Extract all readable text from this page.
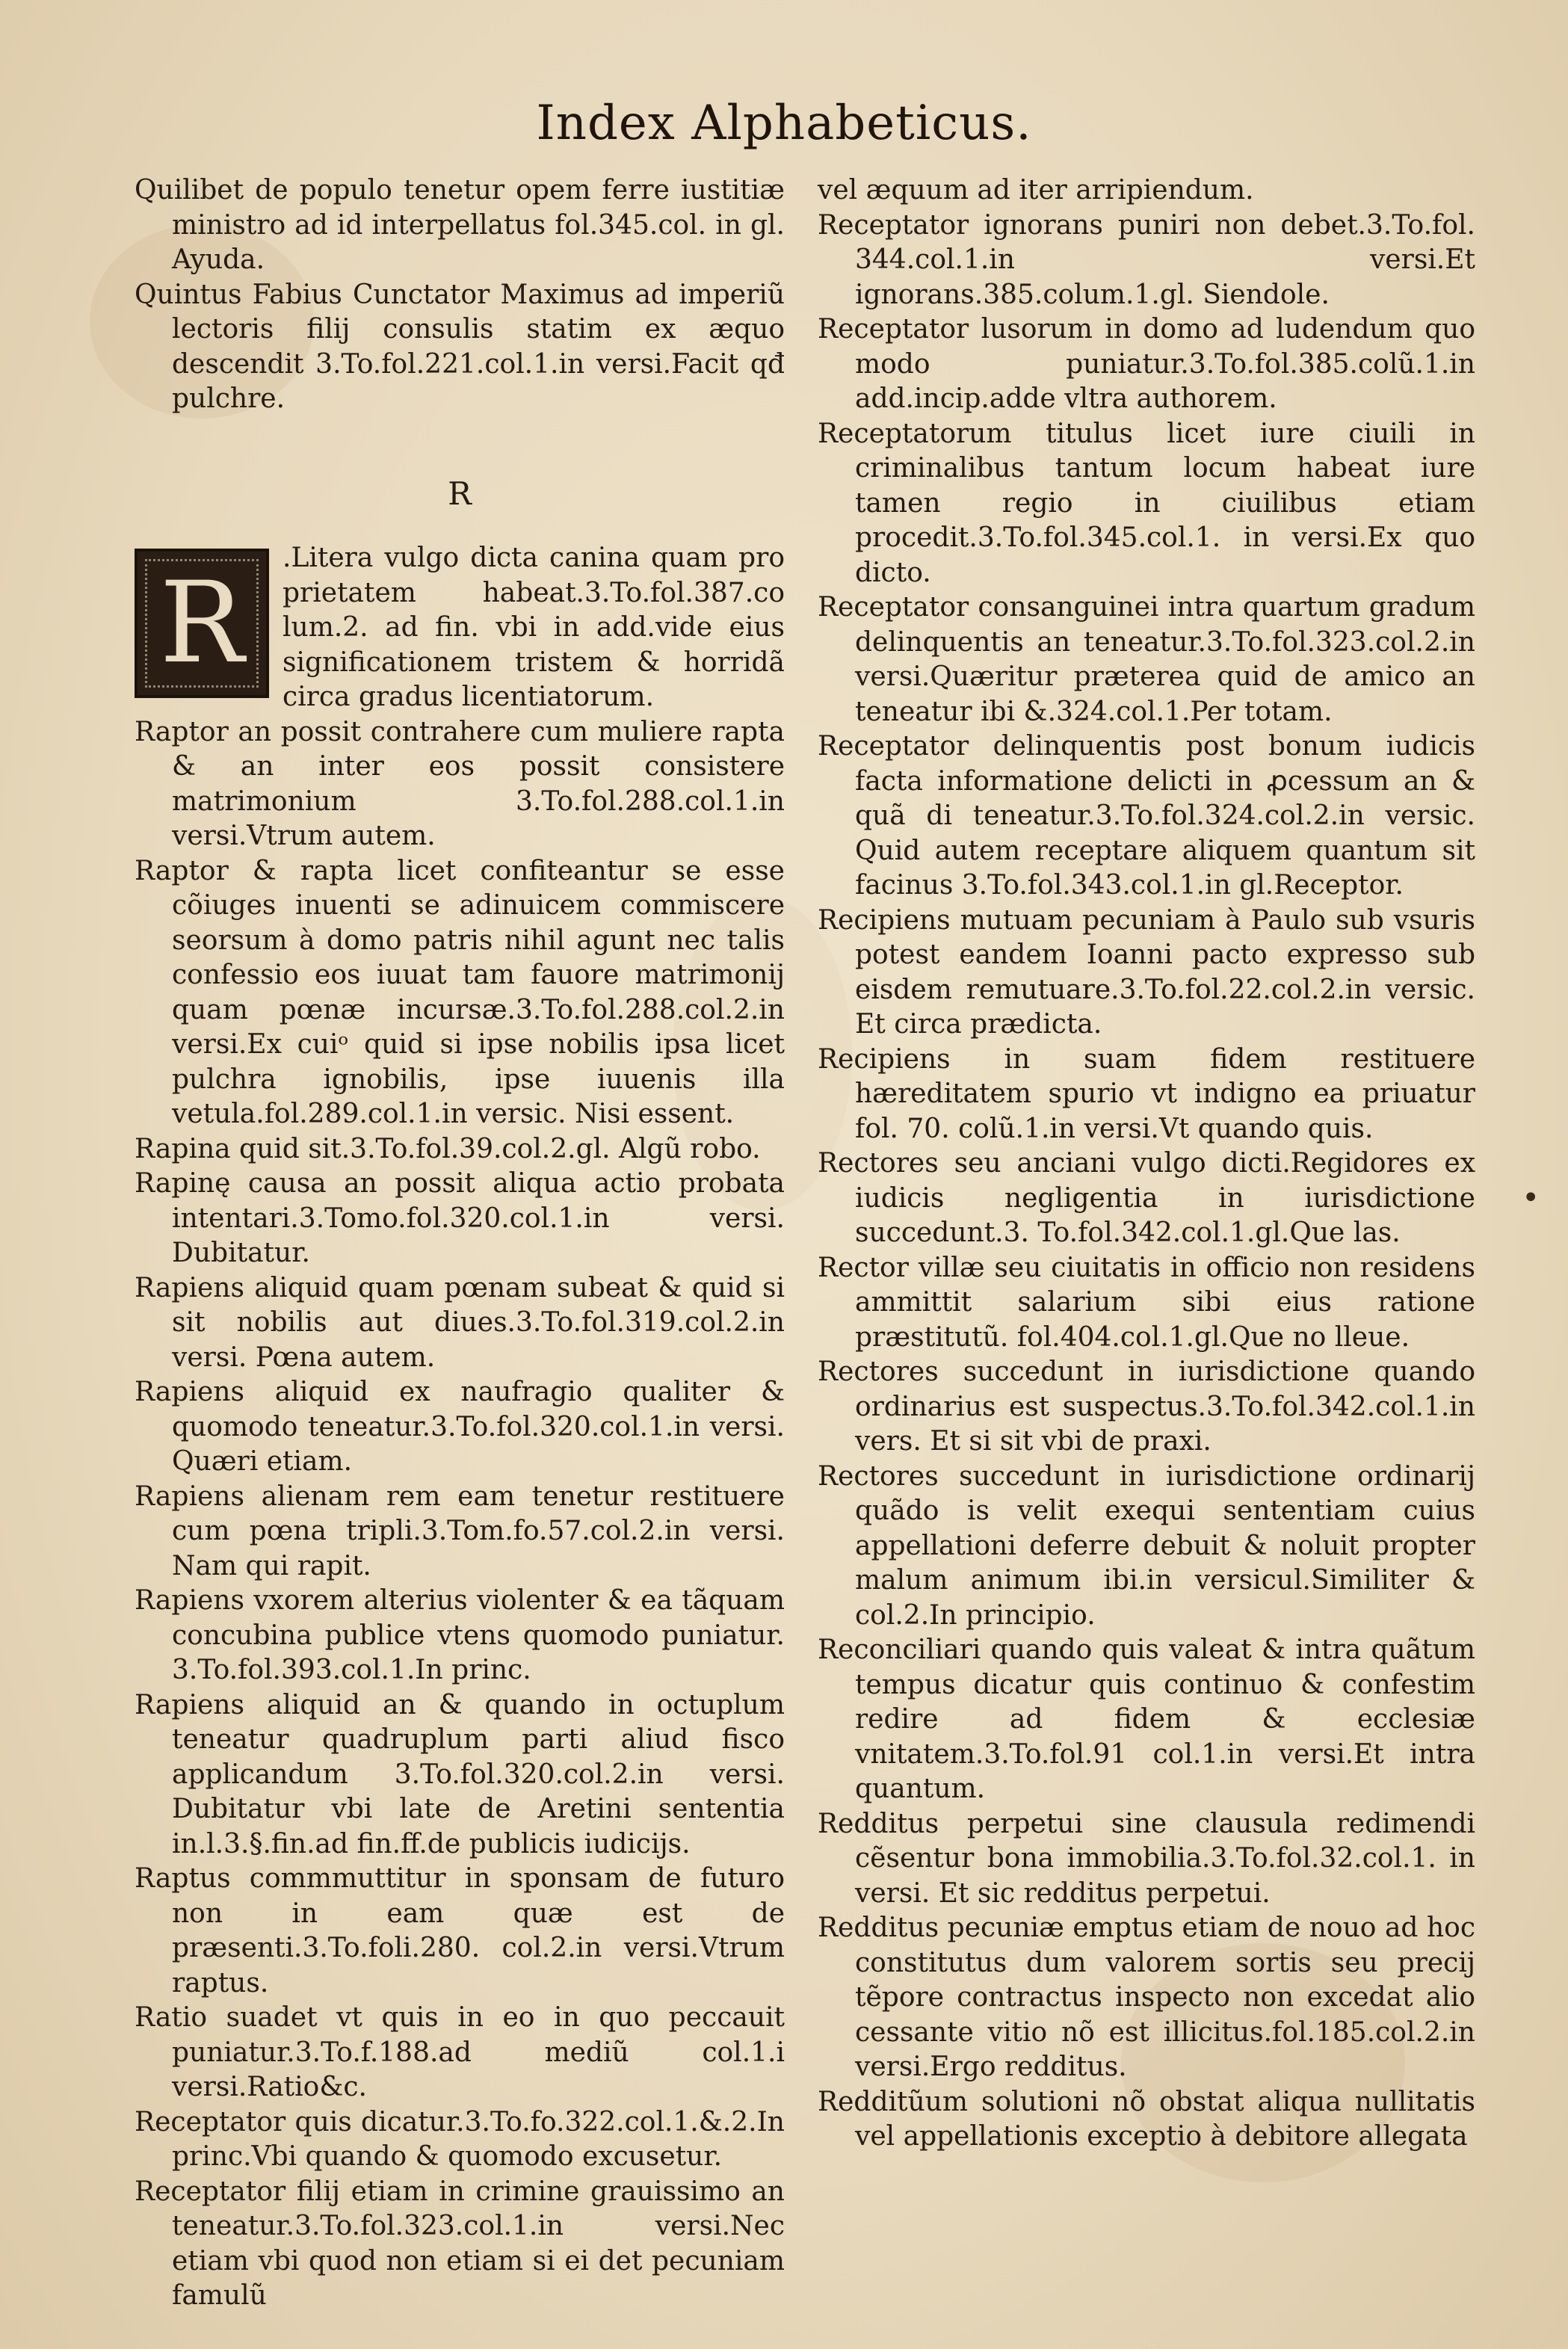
Index Alphabeticus.

Quilibet de populo tenetur opem ferre iustitiæ ministro ad id interpellatus fol.345.col. in gl. Ayuda.

Quintus Fabius Cunctator Maximus ad imperiũ lectoris filij consulis statim ex æquo descendit 3.To.fol.221.col.1.in versi.Facit qđ pulchre.

R

R

.Litera vulgo dicta canina quam pro prietatem habeat.3.To.fol.387.co lum.2. ad fin. vbi in add.vide eius significationem tristem & horridã circa gradus licentiatorum.

Raptor an possit contrahere cum muliere rapta & an inter eos possit consistere matrimonium 3.To.fol.288.col.1.in versi.Vtrum autem.

Raptor & rapta licet confiteantur se esse cõiuges inuenti se adinuicem commiscere seorsum à domo patris nihil agunt nec talis confessio eos iuuat tam fauore matrimonij quam pœnæ incursæ.3.To.fol.288.col.2.in versi.Ex cuiᵒ quid si ipse nobilis ipsa licet pulchra ignobilis, ipse iuuenis illa vetula.fol.289.col.1.in versic. Nisi essent.

Rapina quid sit.3.To.fol.39.col.2.gl. Algũ robo.

Rapinę causa an possit aliqua actio probata intentari.3.Tomo.fol.320.col.1.in versi. Dubitatur.

Rapiens aliquid quam pœnam subeat & quid si sit nobilis aut diues.3.To.fol.319.col.2.in versi. Pœna autem.

Rapiens aliquid ex naufragio qualiter & quomodo teneatur.3.To.fol.320.col.1.in versi. Quæri etiam.

Rapiens alienam rem eam tenetur restituere cum pœna tripli.3.Tom.fo.57.col.2.in versi. Nam qui rapit.

Rapiens vxorem alterius violenter & ea tãquam concubina publice vtens quomodo puniatur. 3.To.fol.393.col.1.In princ.

Rapiens aliquid an & quando in octuplum teneatur quadruplum parti aliud fisco applicandum 3.To.fol.320.col.2.in versi. Dubitatur vbi late de Aretini sententia in.l.3.§.fin.ad fin.ff.de publicis iudicijs.

Raptus commmuttitur in sponsam de futuro non in eam quæ est de præsenti.3.To.foli.280. col.2.in versi.Vtrum raptus.

Ratio suadet vt quis in eo in quo peccauit puniatur.3.To.f.188.ad mediũ col.1.i versi.Ratio&c.

Receptator quis dicatur.3.To.fo.322.col.1.&.2.In princ.Vbi quando & quomodo excusetur.

Receptator filij etiam in crimine grauissimo an teneatur.3.To.fol.323.col.1.in versi.Nec etiam vbi quod non etiam si ei det pecuniam famulũ

vel æquum ad iter arripiendum.

Receptator ignorans puniri non debet.3.To.fol. 344.col.1.in versi.Et ignorans.385.colum.1.gl. Siendole.

Receptator lusorum in domo ad ludendum quo modo puniatur.3.To.fol.385.colũ.1.in add.incip.adde vltra authorem.

Receptatorum titulus licet iure ciuili in criminalibus tantum locum habeat iure tamen regio in ciuilibus etiam procedit.3.To.fol.345.col.1. in versi.Ex quo dicto.

Receptator consanguinei intra quartum gradum delinquentis an teneatur.3.To.fol.323.col.2.in versi.Quæritur præterea quid de amico an teneatur ibi &.324.col.1.Per totam.

Receptator delinquentis post bonum iudicis facta informatione delicti in ꝓcessum an & quã di teneatur.3.To.fol.324.col.2.in versic. Quid autem receptare aliquem quantum sit facinus 3.To.fol.343.col.1.in gl.Receptor.

Recipiens mutuam pecuniam à Paulo sub vsuris potest eandem Ioanni pacto expresso sub eisdem remutuare.3.To.fol.22.col.2.in versic. Et circa prædicta.

Recipiens in suam fidem restituere hæreditatem spurio vt indigno ea priuatur fol. 70. colũ.1.in versi.Vt quando quis.

Rectores seu anciani vulgo dicti.Regidores ex iudicis negligentia in iurisdictione succedunt.3. To.fol.342.col.1.gl.Que las.

Rector villæ seu ciuitatis in officio non residens ammittit salarium sibi eius ratione præstitutũ. fol.404.col.1.gl.Que no lleue.

Rectores succedunt in iurisdictione quando ordinarius est suspectus.3.To.fol.342.col.1.in vers. Et si sit vbi de praxi.

Rectores succedunt in iurisdictione ordinarij quãdo is velit exequi sententiam cuius appellationi deferre debuit & noluit propter malum animum ibi.in versicul.Similiter & col.2.In principio.

Reconciliari quando quis valeat & intra quãtum tempus dicatur quis continuo & confestim redire ad fidem & ecclesiæ vnitatem.3.To.fol.91 col.1.in versi.Et intra quantum.

Redditus perpetui sine clausula redimendi cẽsentur bona immobilia.3.To.fol.32.col.1. in versi. Et sic redditus perpetui.

Redditus pecuniæ emptus etiam de nouo ad hoc constitutus dum valorem sortis seu precij tẽpore contractus inspecto non excedat alio cessante vitio nõ est illicitus.fol.185.col.2.in versi.Ergo redditus.

Redditũum solutioni nõ obstat aliqua nullitatis vel appellationis exceptio à debitore allegata

•
